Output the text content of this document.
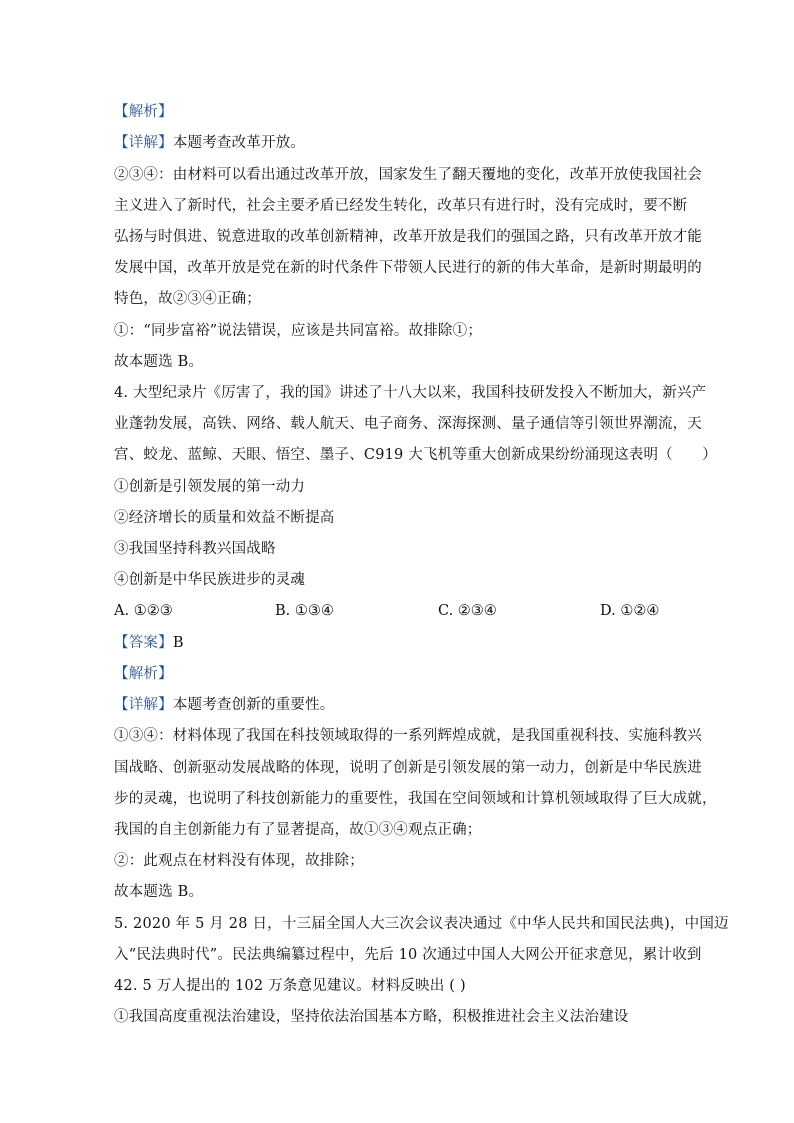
【解析】
【详解】本题考查改革开放。
②③④：由材料可以看出通过改革开放，国家发生了翻天覆地的变化，改革开放使我国社会
主义进入了新时代，社会主要矛盾已经发生转化，改革只有进行时，没有完成时，要不断
弘扬与时俱进、锐意进取的改革创新精神，改革开放是我们的强国之路，只有改革开放才能
发展中国，改革开放是党在新的时代条件下带领人民进行的新的伟大革命，是新时期最明的
特色，故②③④正确；
①：“同步富裕”说法错误，应该是共同富裕。故排除①；
故本题选 B。
4. 大型纪录片《厉害了，我的国》讲述了十八大以来，我国科技研发投入不断加大，新兴产
业蓬勃发展，高铁、网络、载人航天、电子商务、深海探测、量子通信等引领世界潮流，天
宫、蛟龙、蓝鲸、天眼、悟空、墨子、C919 大飞机等重大创新成果纷纷涌现这表明（　　）
①创新是引领发展的第一动力
②经济增长的质量和效益不断提高
③我国坚持科教兴国战略
④创新是中华民族进步的灵魂
A. ①②③	B. ①③④	C. ②③④	D. ①②④
【答案】B
【解析】
【详解】本题考查创新的重要性。
①③④：材料体现了我国在科技领域取得的一系列辉煌成就，是我国重视科技、实施科教兴
国战略、创新驱动发展战略的体现，说明了创新是引领发展的第一动力，创新是中华民族进
步的灵魂，也说明了科技创新能力的重要性，我国在空间领域和计算机领域取得了巨大成就，
我国的自主创新能力有了显著提高，故①③④观点正确；
②：此观点在材料没有体现，故排除；
故本题选 B。
5. 2020 年 5 月 28 日，十三届全国人大三次会议表决通过《中华人民共和国民法典)，中国迈
入“民法典时代”。民法典编纂过程中，先后 10 次通过中国人大网公开征求意见，累计收到
42. 5 万人提出的 102 万条意见建议。材料反映出 ( )
①我国高度重视法治建设，坚持依法治国基本方略，积极推进社会主义法治建设
